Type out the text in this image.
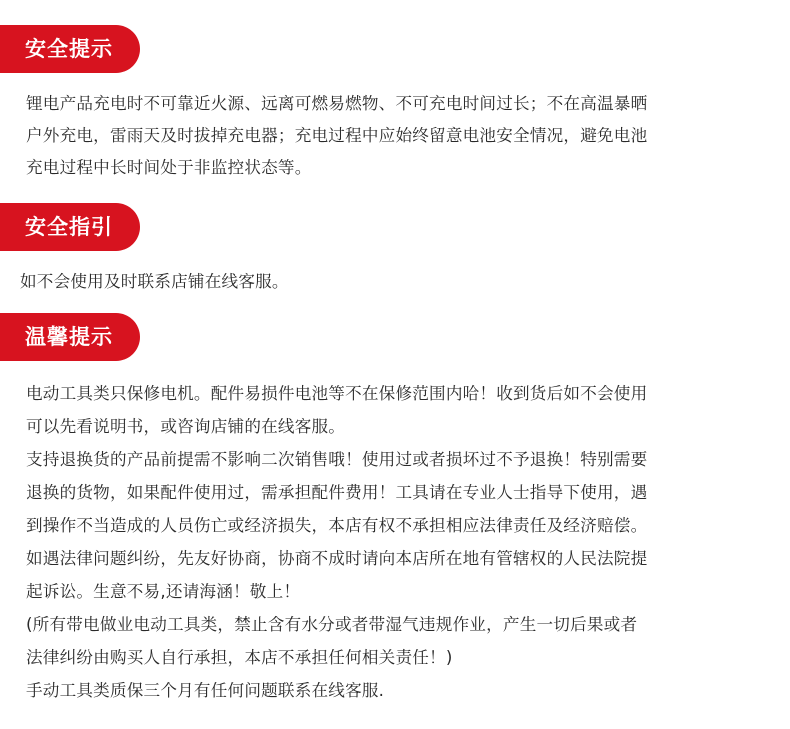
安全提示
锂电产品充电时不可靠近火源、远离可燃易燃物、不可充电时间过长；不在高温暴晒
户外充电，雷雨天及时拔掉充电器；充电过程中应始终留意电池安全情况，避免电池
充电过程中长时间处于非监控状态等。
安全指引
如不会使用及时联系店铺在线客服。
温馨提示
电动工具类只保修电机。配件易损件电池等不在保修范围内哈！收到货后如不会使用
可以先看说明书，或咨询店铺的在线客服。
支持退换货的产品前提需不影响二次销售哦！使用过或者损坏过不予退换！特别需要
退换的货物，如果配件使用过，需承担配件费用！工具请在专业人士指导下使用，遇
到操作不当造成的人员伤亡或经济损失，本店有权不承担相应法律责任及经济赔偿。
如遇法律问题纠纷，先友好协商，协商不成时请向本店所在地有管辖权的人民法院提
起诉讼。生意不易,还请海涵！敬上！
(所有带电做业电动工具类，禁止含有水分或者带湿气违规作业，产生一切后果或者
法律纠纷由购买人自行承担，本店不承担任何相关责任！)
手动工具类质保三个月有任何问题联系在线客服.
